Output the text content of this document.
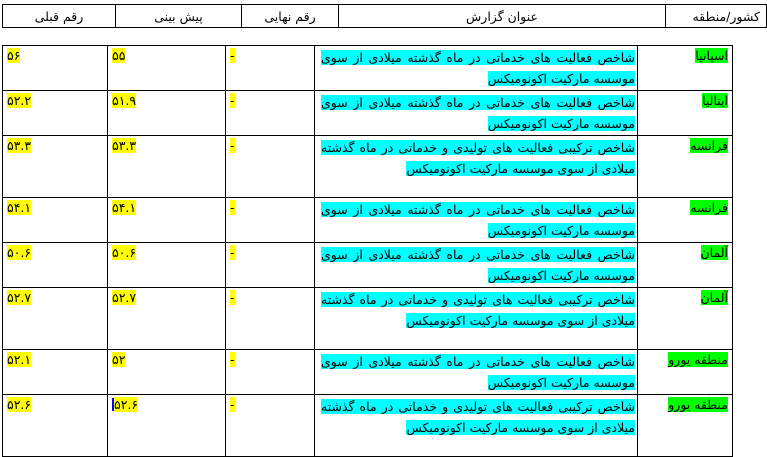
کشور/منطقه	عنوان گزارش	رقم نهایی	پیش بینی	رقم قبلی
اسپانیا	شاخص فعالیت های خدماتی در ماه گذشته میلادی از سوی موسسه مارکیت اکونومیکس	-	۵۵	۵۶
ایتالیا	شاخص فعالیت های خدماتی در ماه گذشته میلادی از سوی موسسه مارکیت اکونومیکس	-	۵۱.۹	۵۲.۲
فرانسه	شاخص ترکیبی فعالیت های تولیدی و خدماتی در ماه گذشته میلادی از سوی موسسه مارکیت اکونومیکس	-	۵۳.۳	۵۳.۳
فرانسه	شاخص فعالیت های خدماتی در ماه گذشته میلادی از سوی موسسه مارکیت اکونومیکس	-	۵۴.۱	۵۴.۱
آلمان	شاخص فعالیت های خدماتی در ماه گذشته میلادی از سوی موسسه مارکیت اکونومیکس	-	۵۰.۶	۵۰.۶
آلمان	شاخص ترکیبی فعالیت های تولیدی و خدماتی در ماه گذشته میلادی از سوی موسسه مارکیت اکونومیکس	-	۵۲.۷	۵۲.۷
منطقه یورو	شاخص فعالیت های خدماتی در ماه گذشته میلادی از سوی موسسه مارکیت اکونومیکس	-	۵۲	۵۲.۱
منطقه یورو	شاخص ترکیبی فعالیت های تولیدی و خدماتی در ماه گذشته میلادی از سوی موسسه مارکیت اکونومیکس	-	۵۲.۶	۵۲.۶
